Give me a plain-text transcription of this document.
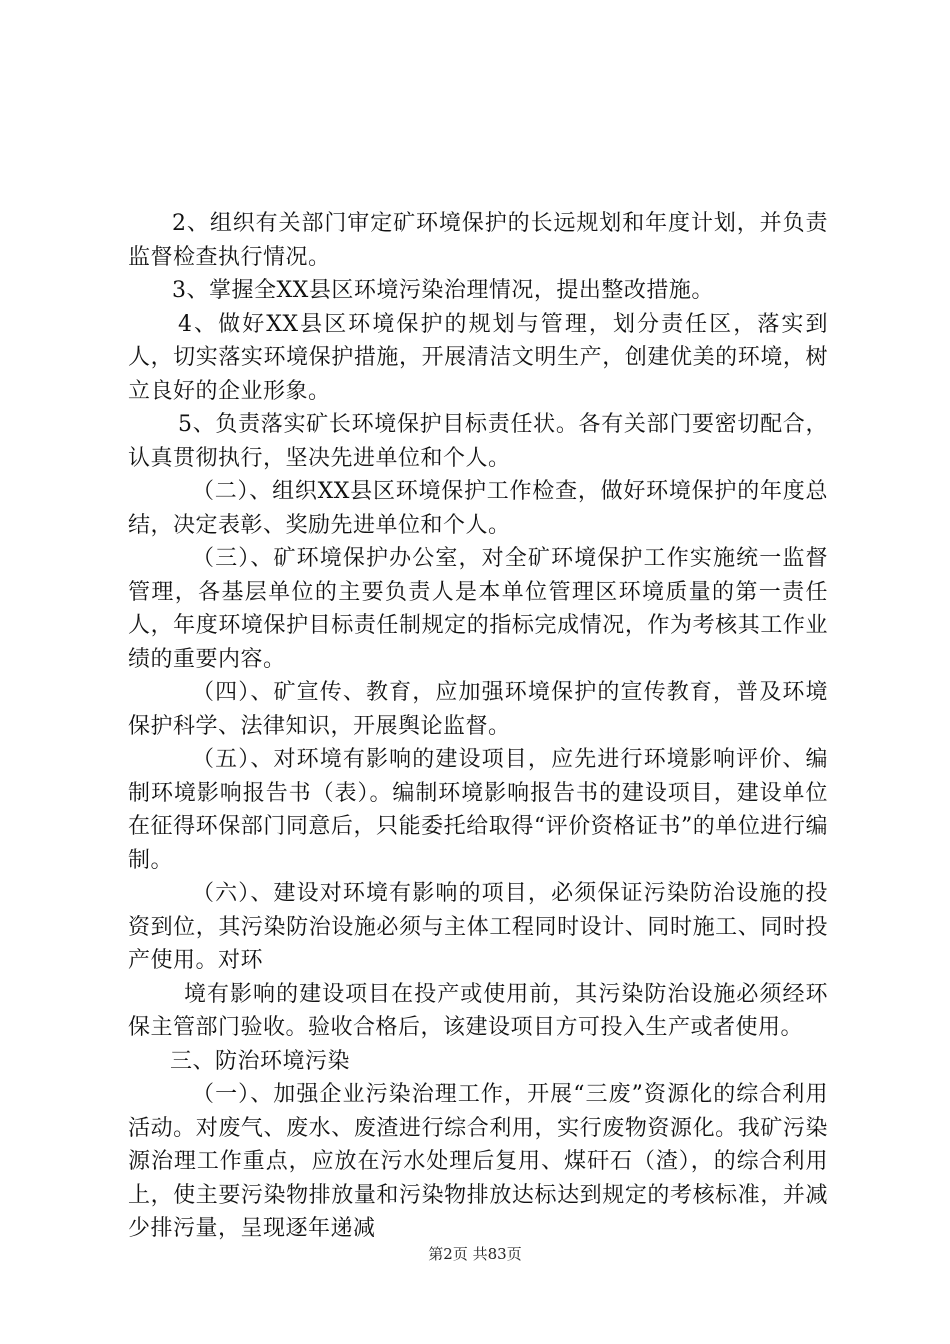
2、组织有关部门审定矿环境保护的长远规划和年度计划，并负责监督检查执行情况。

3、掌握全XX县区环境污染治理情况，提出整改措施。

4、做好XX县区环境保护的规划与管理，划分责任区，落实到人，切实落实环境保护措施，开展清洁文明生产，创建优美的环境，树立良好的企业形象。

5、负责落实矿长环境保护目标责任状。各有关部门要密切配合，认真贯彻执行，坚决先进单位和个人。

（二）、组织XX县区环境保护工作检查，做好环境保护的年度总结，决定表彰、奖励先进单位和个人。

（三）、矿环境保护办公室，对全矿环境保护工作实施统一监督管理，各基层单位的主要负责人是本单位管理区环境质量的第一责任人，年度环境保护目标责任制规定的指标完成情况，作为考核其工作业绩的重要内容。

（四）、矿宣传、教育，应加强环境保护的宣传教育，普及环境保护科学、法律知识，开展舆论监督。

（五）、对环境有影响的建设项目，应先进行环境影响评价、编制环境影响报告书（表）。编制环境影响报告书的建设项目，建设单位在征得环保部门同意后，只能委托给取得“评价资格证书”的单位进行编制。

（六）、建设对环境有影响的项目，必须保证污染防治设施的投资到位，其污染防治设施必须与主体工程同时设计、同时施工、同时投产使用。对环

境有影响的建设项目在投产或使用前，其污染防治设施必须经环保主管部门验收。验收合格后，该建设项目方可投入生产或者使用。

三、防治环境污染

（一）、加强企业污染治理工作，开展“三废”资源化的综合利用活动。对废气、废水、废渣进行综合利用，实行废物资源化。我矿污染源治理工作重点，应放在污水处理后复用、煤矸石（渣），的综合利用上，使主要污染物排放量和污染物排放达标达到规定的考核标准，并减少排污量，呈现逐年递减

第2页 共83页
